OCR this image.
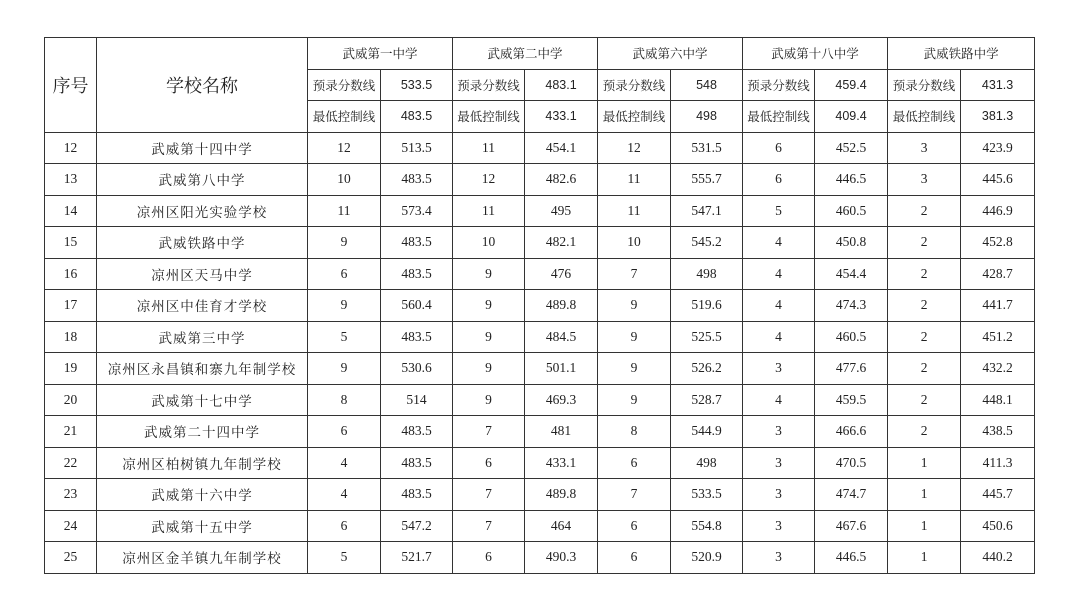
序号	学校名称	武威第一中学		武威第二中学		武威第六中学		武威第十八中学		武威铁路中学	
		预录分数线	533.5	预录分数线	483.1	预录分数线	548	预录分数线	459.4	预录分数线	431.3
		最低控制线	483.5	最低控制线	433.1	最低控制线	498	最低控制线	409.4	最低控制线	381.3
12	武威第十四中学	12	513.5	11	454.1	12	531.5	6	452.5	3	423.9
13	武威第八中学	10	483.5	12	482.6	11	555.7	6	446.5	3	445.6
14	凉州区阳光实验学校	11	573.4	11	495	11	547.1	5	460.5	2	446.9
15	武威铁路中学	9	483.5	10	482.1	10	545.2	4	450.8	2	452.8
16	凉州区天马中学	6	483.5	9	476	7	498	4	454.4	2	428.7
17	凉州区中佳育才学校	9	560.4	9	489.8	9	519.6	4	474.3	2	441.7
18	武威第三中学	5	483.5	9	484.5	9	525.5	4	460.5	2	451.2
19	凉州区永昌镇和寨九年制学校	9	530.6	9	501.1	9	526.2	3	477.6	2	432.2
20	武威第十七中学	8	514	9	469.3	9	528.7	4	459.5	2	448.1
21	武威第二十四中学	6	483.5	7	481	8	544.9	3	466.6	2	438.5
22	凉州区柏树镇九年制学校	4	483.5	6	433.1	6	498	3	470.5	1	411.3
23	武威第十六中学	4	483.5	7	489.8	7	533.5	3	474.7	1	445.7
24	武威第十五中学	6	547.2	7	464	6	554.8	3	467.6	1	450.6
25	凉州区金羊镇九年制学校	5	521.7	6	490.3	6	520.9	3	446.5	1	440.2
